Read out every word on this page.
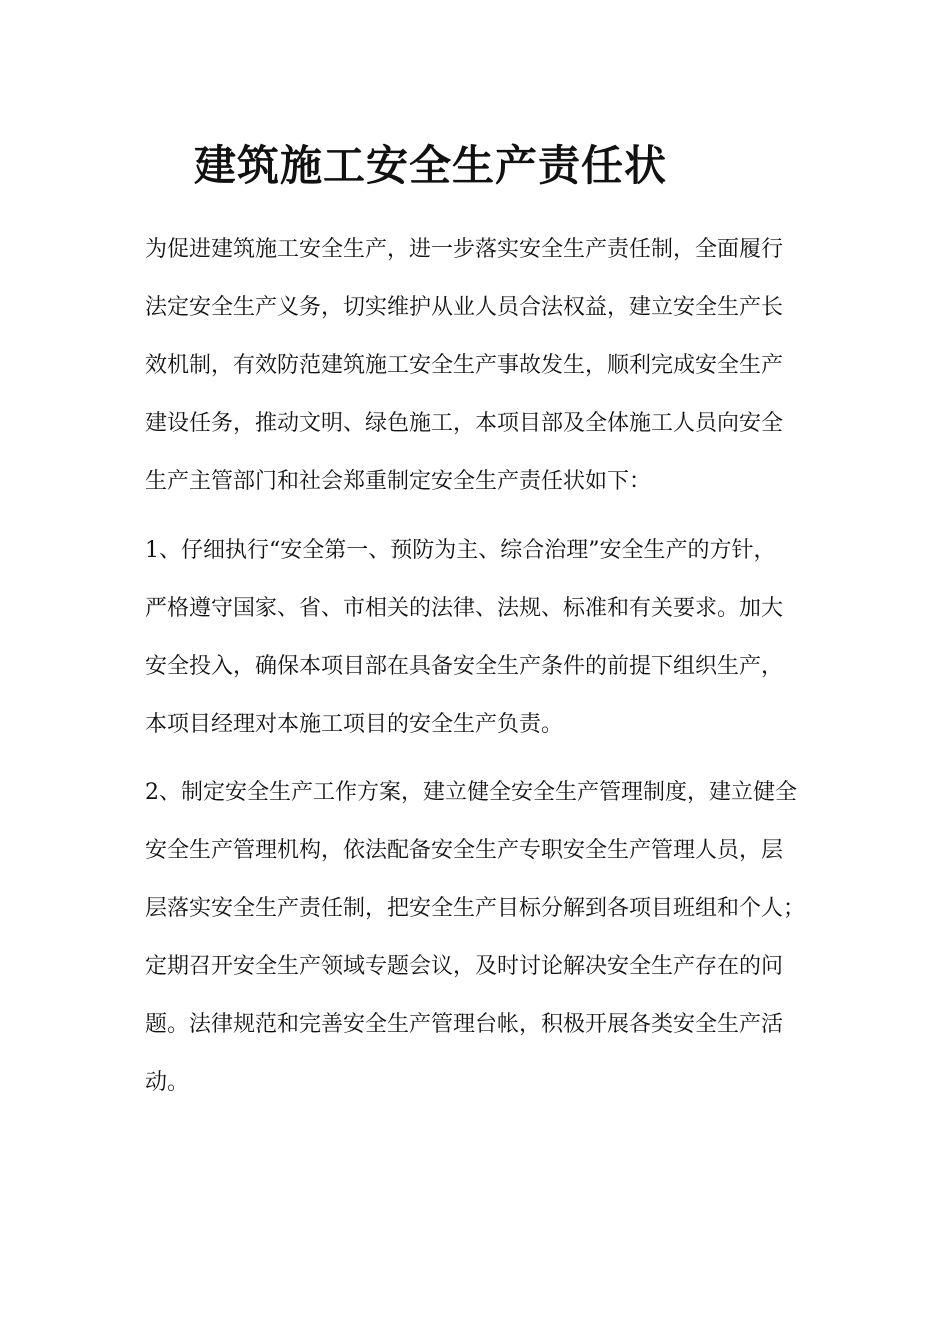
建筑施工安全生产责任状
为促进建筑施工安全生产，进一步落实安全生产责任制，全面履行
法定安全生产义务，切实维护从业人员合法权益，建立安全生产长
效机制，有效防范建筑施工安全生产事故发生，顺利完成安全生产
建设任务，推动文明、绿色施工，本项目部及全体施工人员向安全
生产主管部门和社会郑重制定安全生产责任状如下：
1、仔细执行“安全第一、预防为主、综合治理”安全生产的方针，
严格遵守国家、省、市相关的法律、法规、标准和有关要求。加大
安全投入，确保本项目部在具备安全生产条件的前提下组织生产，
本项目经理对本施工项目的安全生产负责。
2、制定安全生产工作方案，建立健全安全生产管理制度，建立健全
安全生产管理机构，依法配备安全生产专职安全生产管理人员，层
层落实安全生产责任制，把安全生产目标分解到各项目班组和个人；
定期召开安全生产领域专题会议，及时讨论解决安全生产存在的问
题。法律规范和完善安全生产管理台帐，积极开展各类安全生产活
动。
